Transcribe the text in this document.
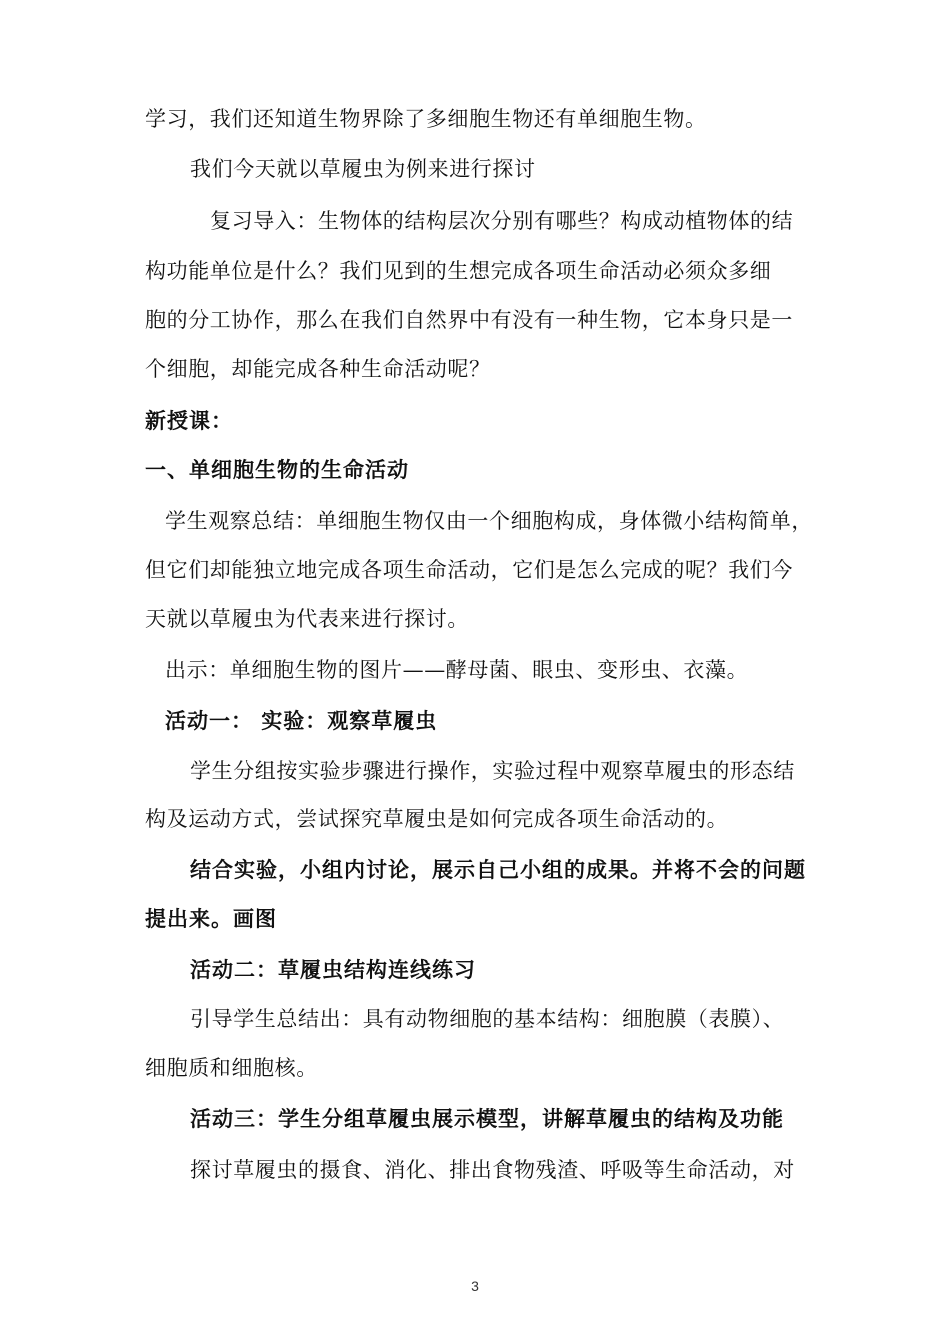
学习，我们还知道生物界除了多细胞生物还有单细胞生物。
我们今天就以草履虫为例来进行探讨
复习导入：生物体的结构层次分别有哪些？构成动植物体的结
构功能单位是什么？我们见到的生想完成各项生命活动必须众多细
胞的分工协作，那么在我们自然界中有没有一种生物，它本身只是一
个细胞，却能完成各种生命活动呢？
新授课：
一、单细胞生物的生命活动
学生观察总结：单细胞生物仅由一个细胞构成，身体微小结构简单，
但它们却能独立地完成各项生命活动，它们是怎么完成的呢？我们今
天就以草履虫为代表来进行探讨。
出示：单细胞生物的图片——酵母菌、眼虫、变形虫、衣藻。
活动一： 实验：观察草履虫
学生分组按实验步骤进行操作，实验过程中观察草履虫的形态结
构及运动方式，尝试探究草履虫是如何完成各项生命活动的。
结合实验，小组内讨论，展示自己小组的成果。并将不会的问题
提出来。画图
活动二：草履虫结构连线练习
引导学生总结出：具有动物细胞的基本结构：细胞膜（表膜）、
细胞质和细胞核。
活动三：学生分组草履虫展示模型，讲解草履虫的结构及功能
探讨草履虫的摄食、消化、排出食物残渣、呼吸等生命活动，对
3
